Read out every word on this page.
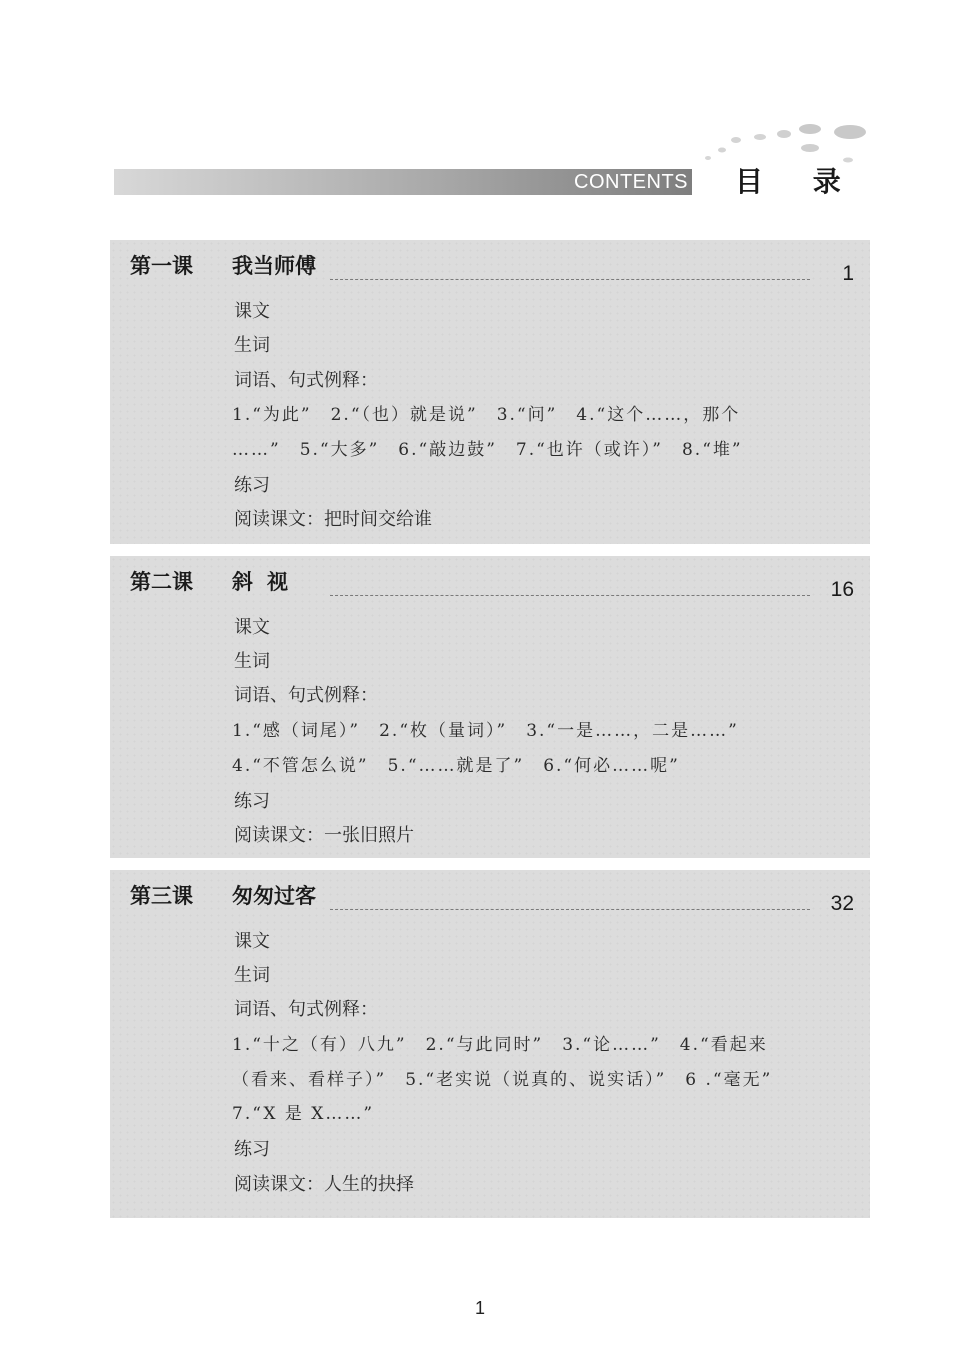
CONTENTS 目 录
第一课 我当师傅	1
课文
生词
词语、句式例释：
1.“为此”　2.“（也）就是说”　3.“问”　4.“这个……，那个
……”　5.“大多”　6.“敲边鼓”　7.“也许（或许）”　8.“堆”
练习
阅读课文：把时间交给谁
第二课 斜视	16
课文
生词
词语、句式例释：
1.“感（词尾）”　2.“枚（量词）”　3.“一是……，二是……”
4.“不管怎么说”　5.“……就是了”　6.“何必……呢”
练习
阅读课文：一张旧照片
第三课 匆匆过客	32
课文
生词
词语、句式例释：
1.“十之（有）八九”　2.“与此同时”　3.“论……”　4.“看起来
（看来、看样子）”　5.“老实说（说真的、说实话）”　6 .“毫无”
7.“X 是 X……”
练习
阅读课文：人生的抉择
1
